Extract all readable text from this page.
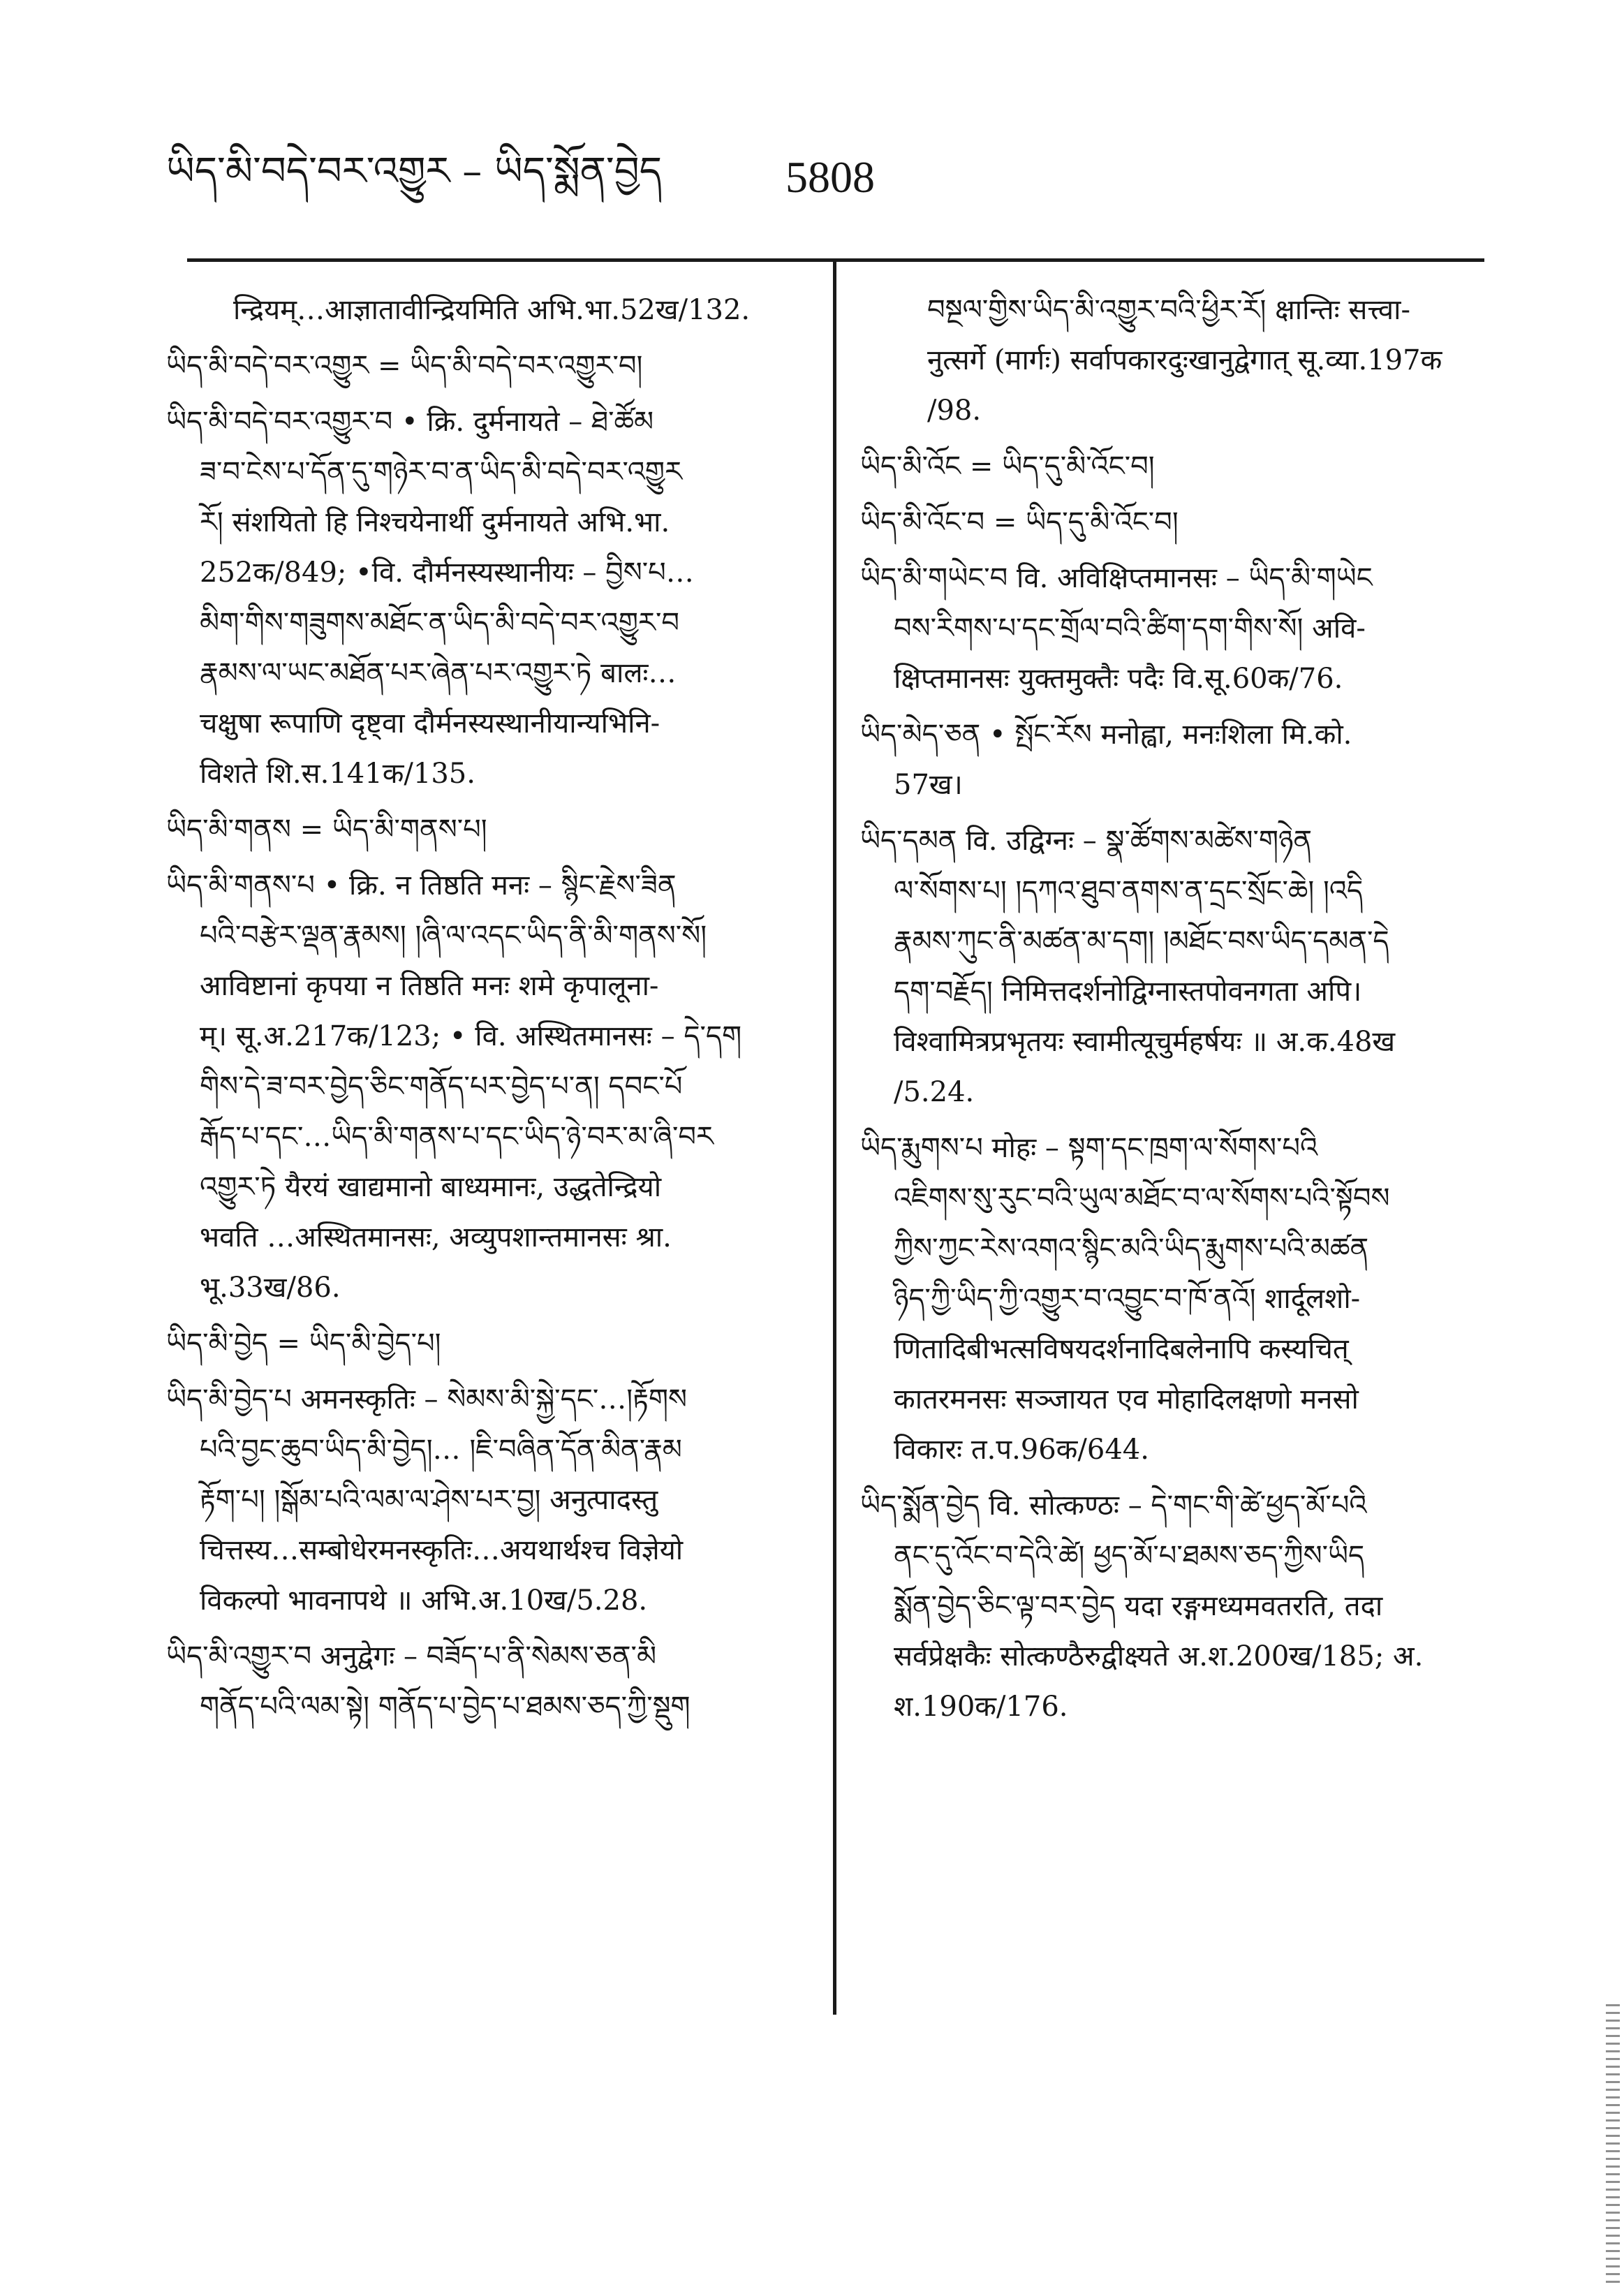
ཡིད་མི་བདེ་བར་འགྱུར – ཡིད་སྨོན་བྱེད	5808
न्द्रियम्…आज्ञातावीन्द्रियमिति अभि.भा.52ख/132.
ཡིད་མི་བདེ་བར་འགྱུར = ཡིད་མི་བདེ་བར་འགྱུར་བ།
ཡིད་མི་བདེ་བར་འགྱུར་བ • क्रि. दुर्मनायते – ཐེ་ཚོམ
ཟ་བ་ངེས་པ་དོན་དུ་གཉེར་བ་ན་ཡིད་མི་བདེ་བར་འགྱུར
རོ། संशयितो हि निश्चयेनार्थी दुर्मनायते अभि.भा.
252क/849; •वि. दौर्मनस्यस्थानीयः – བྱིས་པ…
མིག་གིས་གཟུགས་མཐོང་ན་ཡིད་མི་བདེ་བར་འགྱུར་བ
རྣམས་ལ་ཡང་མཐོན་པར་ཞེན་པར་འགྱུར་ཏེ बालः…
चक्षुषा रूपाणि दृष्ट्वा दौर्मनस्यस्थानीयान्यभिनि-
विशते शि.स.141क/135.
ཡིད་མི་གནས = ཡིད་མི་གནས་པ།
ཡིད་མི་གནས་པ • क्रि. न तिष्ठति मनः – སྙིང་རྗེས་ཟིན
པའི་བརྩེར་ལྡན་རྣམས། །ཞི་ལ་འདང་ཡིད་ནི་མི་གནས་སོ།
आविष्टानां कृपया न तिष्ठति मनः शमे कृपालूना-
म्। सू.अ.217क/123; • वि. अस्थितमानसः – དེ་དག
གིས་དེ་ཟ་བར་བྱེད་ཅིང་གནོད་པར་བྱེད་པ་ན། དབང་པོ
རྒོད་པ་དང་…ཡིད་མི་གནས་པ་དང་ཡིད་ཉེ་བར་མ་ཞི་བར
འགྱུར་ཏེ यैरयं खाद्यमानो बाध्यमानः, उद्धतेन्द्रियो
भवति …अस्थितमानसः, अव्युपशान्तमानसः श्रा.
भू.33ख/86.
ཡིད་མི་བྱེད = ཡིད་མི་བྱེད་པ།
ཡིད་མི་བྱེད་པ अमनस्कृतिः – སེམས་མི་སྐྱེ་དང་…།རྟོགས
པའི་བྱང་ཆུབ་ཡིད་མི་བྱེད།… །ཇི་བཞིན་དོན་མིན་རྣམ
རྟོག་པ། །སྒོམ་པའི་ལམ་ལ་ཤེས་པར་བྱ། अनुत्पादस्तु
चित्तस्य…सम्बोधेरमनस्कृतिः…अयथार्थश्च विज्ञेयो
विकल्पो भावनापथे ॥ अभि.अ.10ख/5.28.
ཡིད་མི་འགྱུར་བ अनुद्वेगः – བཟོད་པ་ནི་སེམས་ཅན་མི
གནོད་པའི་ལམ་སྟེ། གནོད་པ་བྱེད་པ་ཐམས་ཅད་ཀྱི་སྡུག
བསྔལ་གྱིས་ཡིད་མི་འགྱུར་བའི་ཕྱིར་རོ། क्षान्तिः सत्त्वा-
नुत्सर्गे (मार्गः) सर्वापकारदुःखानुद्वेगात् सू.व्या.197क
/98.
ཡིད་མི་འོང = ཡིད་དུ་མི་འོང་བ།
ཡིད་མི་འོང་བ = ཡིད་དུ་མི་འོང་བ།
ཡིད་མི་གཡེང་བ वि. अविक्षिप्तमानसः – ཡིད་མི་གཡེང
བས་རིགས་པ་དང་གྲོལ་བའི་ཚིག་དག་གིས་སོ། अवि-
क्षिप्तमानसः युक्तमुक्तैः पदैः वि.सू.60क/76.
ཡིད་མེད་ཅན • སྤོང་རོས मनोह्वा, मनःशिला मि.को.
57ख।
ཡིད་དམན वि. उद्विग्नः – སྣ་ཚོགས་མཚེས་གཉེན
ལ་སོགས་པ། །དཀའ་ཐུབ་ནགས་ན་དྲང་སྲོང་ཆེ། །འདི
རྣམས་ཀུང་ནི་མཚན་མ་དག། །མཐོང་བས་ཡིད་དམན་དེ
དག་བརྗོད། निमित्तदर्शनोद्विग्नास्तपोवनगता अपि।
विश्वामित्रप्रभृतयः स्वामीत्यूचुर्महर्षयः ॥ अ.क.48ख
/5.24.
ཡིད་རྨུགས་པ मोहः – སྟག་དང་ཁྲག་ལ་སོགས་པའི
འཇིགས་སུ་རུང་བའི་ཡུལ་མཐོང་བ་ལ་སོགས་པའི་སྟོབས
ཀྱིས་ཀྱང་རེས་འགའ་སྙིང་མའི་ཡིད་རྨུགས་པའི་མཚན
ཉིད་ཀྱི་ཡིད་ཀྱི་འགྱུར་བ་འབྱུང་བ་ཁོ་ནའོ། शार्दूलशो-
णितादिबीभत्सविषयदर्शनादिबलेनापि कस्यचित्
कातरमनसः सञ्जायत एव मोहादिलक्षणो मनसो
विकारः त.प.96क/644.
ཡིད་སྨོན་བྱེད वि. सोत्कण्ठः – དེ་གང་གི་ཚེ་ཕྱད་མོ་པའི
ནང་དུ་འོང་བ་དེའི་ཚེ། ཕྱད་མོ་པ་ཐམས་ཅད་ཀྱིས་ཡིད
སྨོན་བྱེད་ཅིང་ལྟ་བར་བྱེད यदा रङ्गमध्यमवतरति, तदा
सर्वप्रेक्षकैः सोत्कण्ठैरुद्वीक्ष्यते अ.श.200ख/185; अ.
श.190क/176.
